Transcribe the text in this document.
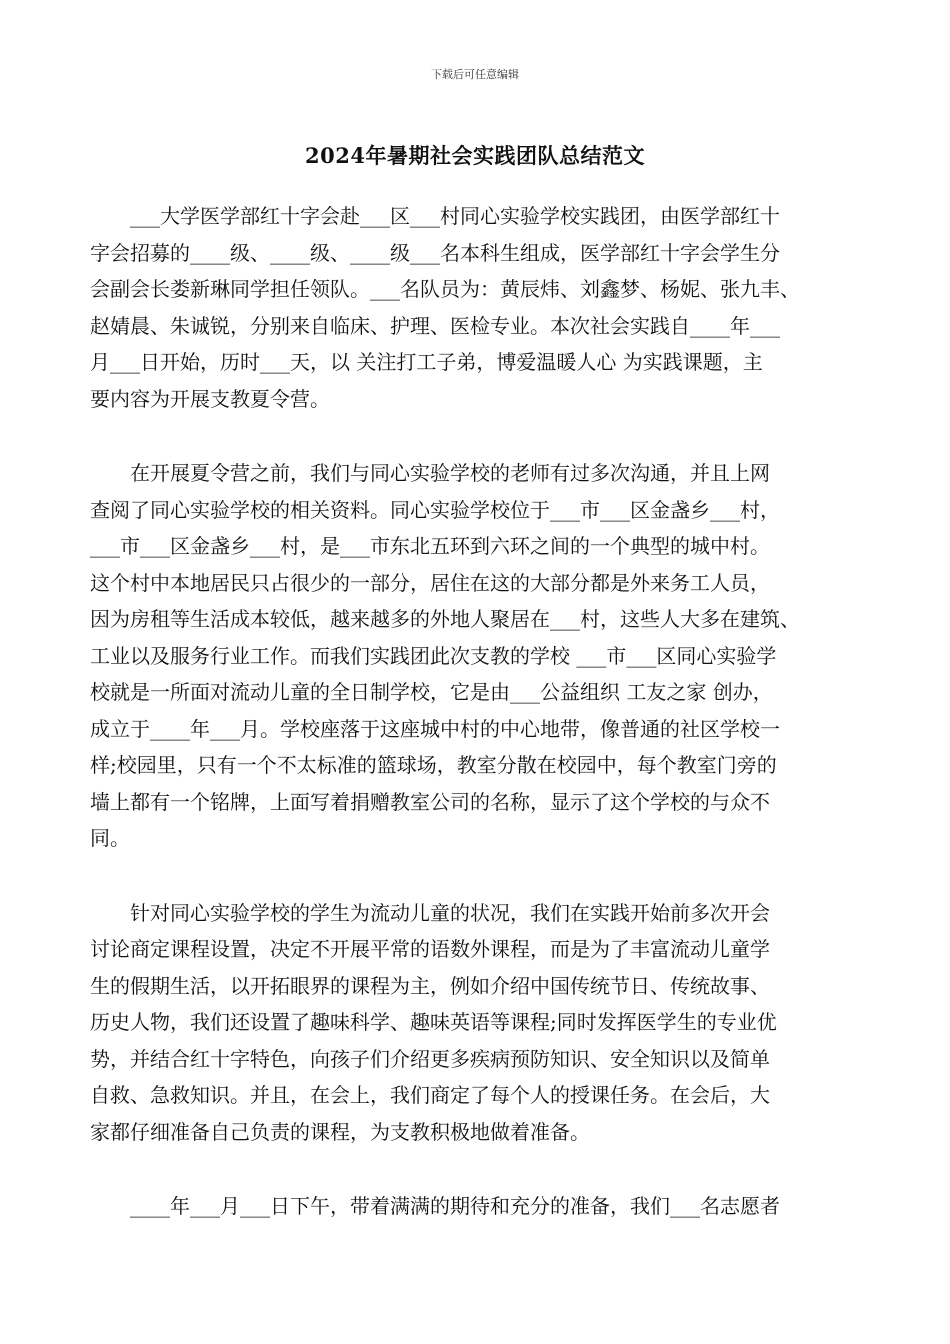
下载后可任意编辑
2024年暑期社会实践团队总结范文
　　___大学医学部红十字会赴___区___村同心实验学校实践团，由医学部红十
字会招募的____级、____级、____级___名本科生组成，医学部红十字会学生分
会副会长娄新琳同学担任领队。___名队员为：黄辰炜、刘鑫梦、杨妮、张九丰、
赵婧晨、朱诚锐，分别来自临床、护理、医检专业。本次社会实践自____年___
月___日开始，历时___天，以 关注打工子弟，博爱温暖人心 为实践课题，主
要内容为开展支教夏令营。
　　在开展夏令营之前，我们与同心实验学校的老师有过多次沟通，并且上网
查阅了同心实验学校的相关资料。同心实验学校位于___市___区金盏乡___村，
___市___区金盏乡___村，是___市东北五环到六环之间的一个典型的城中村。
这个村中本地居民只占很少的一部分，居住在这的大部分都是外来务工人员，
因为房租等生活成本较低，越来越多的外地人聚居在___村，这些人大多在建筑、
工业以及服务行业工作。而我们实践团此次支教的学校 ___市___区同心实验学
校就是一所面对流动儿童的全日制学校，它是由___公益组织 工友之家 创办，
成立于____年___月。学校座落于这座城中村的中心地带，像普通的社区学校一
样;校园里，只有一个不太标准的篮球场，教室分散在校园中，每个教室门旁的
墙上都有一个铭牌，上面写着捐赠教室公司的名称，显示了这个学校的与众不
同。
　　针对同心实验学校的学生为流动儿童的状况，我们在实践开始前多次开会
讨论商定课程设置，决定不开展平常的语数外课程，而是为了丰富流动儿童学
生的假期生活，以开拓眼界的课程为主，例如介绍中国传统节日、传统故事、
历史人物，我们还设置了趣味科学、趣味英语等课程;同时发挥医学生的专业优
势，并结合红十字特色，向孩子们介绍更多疾病预防知识、安全知识以及简单
自救、急救知识。并且，在会上，我们商定了每个人的授课任务。在会后，大
家都仔细准备自己负责的课程，为支教积极地做着准备。
　　____年___月___日下午，带着满满的期待和充分的准备，我们___名志愿者
